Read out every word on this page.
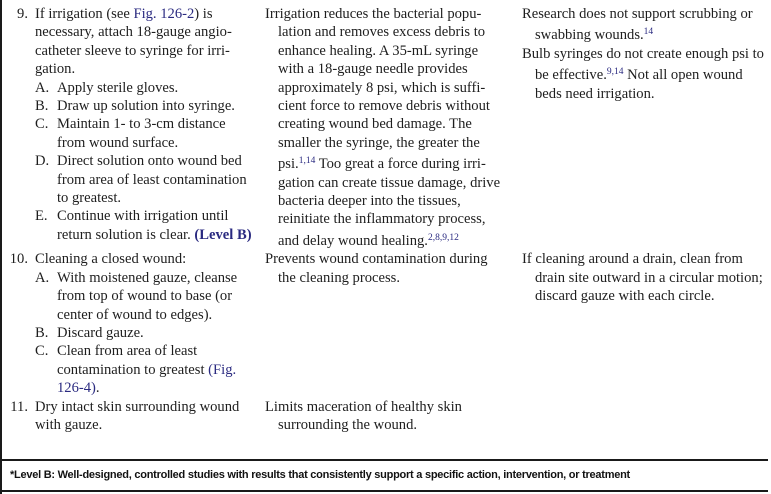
9. If irrigation (see Fig. 126-2) is necessary, attach 18-gauge angiocatheter sleeve to syringe for irrigation.
A. Apply sterile gloves.
B. Draw up solution into syringe.
C. Maintain 1- to 3-cm distance from wound surface.
D. Direct solution onto wound bed from area of least contamination to greatest.
E. Continue with irrigation until return solution is clear. (Level B)
Irrigation reduces the bacterial population and removes excess debris to enhance healing. A 35-mL syringe with a 18-gauge needle provides approximately 8 psi, which is sufficient force to remove debris without creating wound bed damage. The smaller the syringe, the greater the psi.$^{1,14}$ Too great a force during irrigation can create tissue damage, drive bacteria deeper into the tissues, reinitiate the inflammatory process, and delay wound healing.$^{2,8,9,12}$
Research does not support scrubbing or swabbing wounds.$^{14}$
Bulb syringes do not create enough psi to be effective.$^{9,14}$ Not all open wound beds need irrigation.
10. Cleaning a closed wound:
A. With moistened gauze, cleanse from top of wound to base (or center of wound to edges).
B. Discard gauze.
C. Clean from area of least contamination to greatest (Fig. 126-4).
Prevents wound contamination during the cleaning process.
If cleaning around a drain, clean from drain site outward in a circular motion; discard gauze with each circle.
11. Dry intact skin surrounding wound with gauze.
Limits maceration of healthy skin surrounding the wound.
*Level B: Well-designed, controlled studies with results that consistently support a specific action, intervention, or treatment
